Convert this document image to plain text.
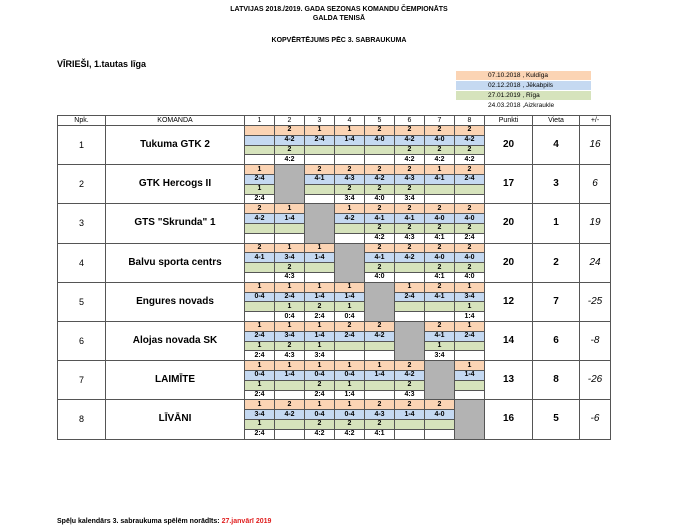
LATVIJAS 2018./2019. GADA SEZONAS KOMANDU ČEMPIONĀTS
GALDA TENISĀ
KOPVĒRTĒJUMS PĒC 3. SABRAUKUMA
VĪRIEŠI, 1.tautas līga
07.10.2018 , Kuldīga
02.12.2018 , Jēkabpils
27.01.2019 , Rīga
24.03.2018 ,Aizkraukle
Npk.	KOMANDA	1	2	3	4	5	6	7	8	Punkti	Vieta	+/-
1	Tukuma GTK 2		2	1	1	2	2	2	2	20	4	16
			4-2	2-4	1-4	4-0	4-2	4-0	4-2			
			2				2	2	2			
			4:2				4:2	4:2	4:2			
2	GTK Hercogs II	1		2	2	2	2	1	2	17	3	6
		2-4		4-1	4-3	4-2	4-3	4-1	2-4			
		1			2	2	2					
		2:4			3:4	4:0	3:4					
3	GTS "Skrunda" 1	2	1		1	2	2	2	2	20	1	19
		4-2	1-4		4-2	4-1	4-1	4-0	4-0			
						2	2	2	2			
						4:2	4:3	4:1	2:4			
4	Balvu sporta centrs	2	1	1		2	2	2	2	20	2	24
		4-1	3-4	1-4		4-1	4-2	4-0	4-0			
			2			2		2	2			
			4:3			4:0		4:1	4:0			
5	Engures novads	1	1	1	1		1	2	1	12	7	-25
		0-4	2-4	1-4	1-4		2-4	4-1	3-4			
			1	2	1				1			
			0:4	2:4	0:4				1:4			
6	Alojas novada SK	1	1	1	2	2		2	1	14	6	-8
		2-4	3-4	1-4	2-4	4-2		4-1	2-4			
		1	2	1				1				
		2:4	4:3	3:4				3:4				
7	LAIMĪTE	1	1	1	1	1	2		1	13	8	-26
		0-4	1-4	0-4	0-4	1-4	4-2		1-4			
		1		2	1		2					
		2:4		2:4	1:4		4:3					
8	LĪVĀNI	1	2	1	1	2	2	2		16	5	-6
		3-4	4-2	0-4	0-4	4-3	1-4	4-0				
		1		2	2	2						
		2:4		4:2	4:2	4:1						
Spēļu kalendārs 3. sabraukuma spēlēm norādīts: 27.janvārī 2019
